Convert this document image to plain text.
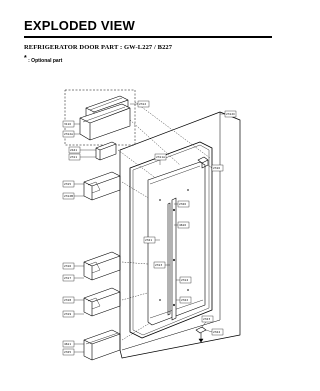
EXPLODED VIEW
REFRIGERATOR DOOR PART : GW-L227 / B227
* : Optional part
2312
3110
2312A
2441
2311
2315
2312B
2312C
2311A
2310
2320
4610
2321
2313
2314
2316
2317
2318
2319
2322
2323
2324
4611
2325
